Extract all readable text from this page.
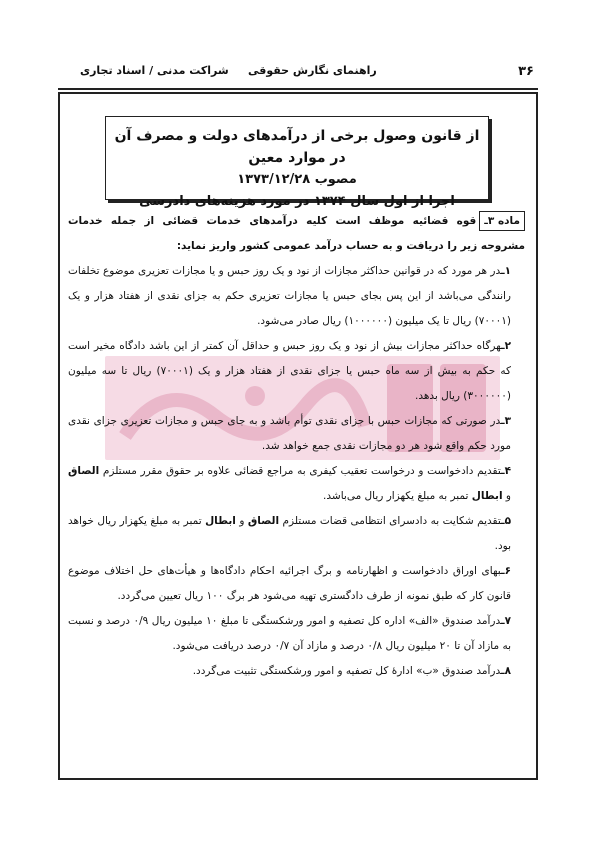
۳۶
راهنمای نگارش حقوقی
شراکت مدنی / اسناد تجاری
از قانون وصول برخی از درآمدهای دولت و مصرف آن در موارد معین
مصوب ۱۳۷۳/۱۲/۲۸
اجرا از اول سال ۱۳۷۴ در مورد هزینه‌های دادرسی

ماده ۳ـقوه قضائیه موظف است کلیه درآمدهای خدمات قضائی از جمله خدمات مشروحه زیر را دریافت و به حساب درآمد عمومی کشور واریز نماید:

۱ـدر هر مورد که در قوانین حداکثر مجازات از نود و یک روز حبس و یا مجازات تعزیری موضوع تخلفات رانندگی می‌باشد از این پس بجای حبس یا مجازات تعزیری حکم به جزای نقدی از هفتاد هزار و یک (۷۰۰۰۱) ریال تا یک میلیون (۱۰۰۰۰۰۰) ریال صادر می‌شود.

۲ـهرگاه حداکثر مجازات بیش از نود و یک روز حبس و حداقل آن کمتر از این باشد دادگاه مخیر است که حکم به بیش از سه ماه حبس یا جزای نقدی از هفتاد هزار و یک (۷۰۰۰۱) ریال تا سه میلیون (۳۰۰۰۰۰۰) ریال بدهد.

۳ـدر صورتی که مجازات حبس با جزای نقدی توأم باشد و به جای حبس و مجازات تعزیری جزای نقدی مورد حکم واقع شود هر دو مجازات نقدی جمع خواهد شد.

۴ـتقدیم دادخواست و درخواست تعقیب کیفری به مراجع قضائی علاوه بر حقوق مقرر مستلزم الصاق و ابطال تمبر به مبلغ یکهزار ریال می‌باشد.

۵ـتقدیم شکایت به دادسرای انتظامی قضات مستلزم الصاق و ابطال تمبر به مبلغ یکهزار ریال خواهد بود.

۶ـبهای اوراق دادخواست و اظهارنامه و برگ اجرائیه احکام دادگاه‌ها و هیأت‌های حل اختلاف موضوع قانون کار که طبق نمونه از طرف دادگستری تهیه می‌شود هر برگ ۱۰۰ ریال تعیین می‌گردد.

۷ـدرآمد صندوق «الف» اداره کل تصفیه و امور ورشکستگی تا مبلغ ۱۰ میلیون ریال ۰/۹ درصد و نسبت به مازاد آن تا ۲۰ میلیون ریال ۰/۸ درصد و مازاد آن ۰/۷ درصد دریافت می‌شود.

۸ـدرآمد صندوق «ب» ادارهٔ کل تصفیه و امور ورشکستگی تثبیت می‌گردد.
